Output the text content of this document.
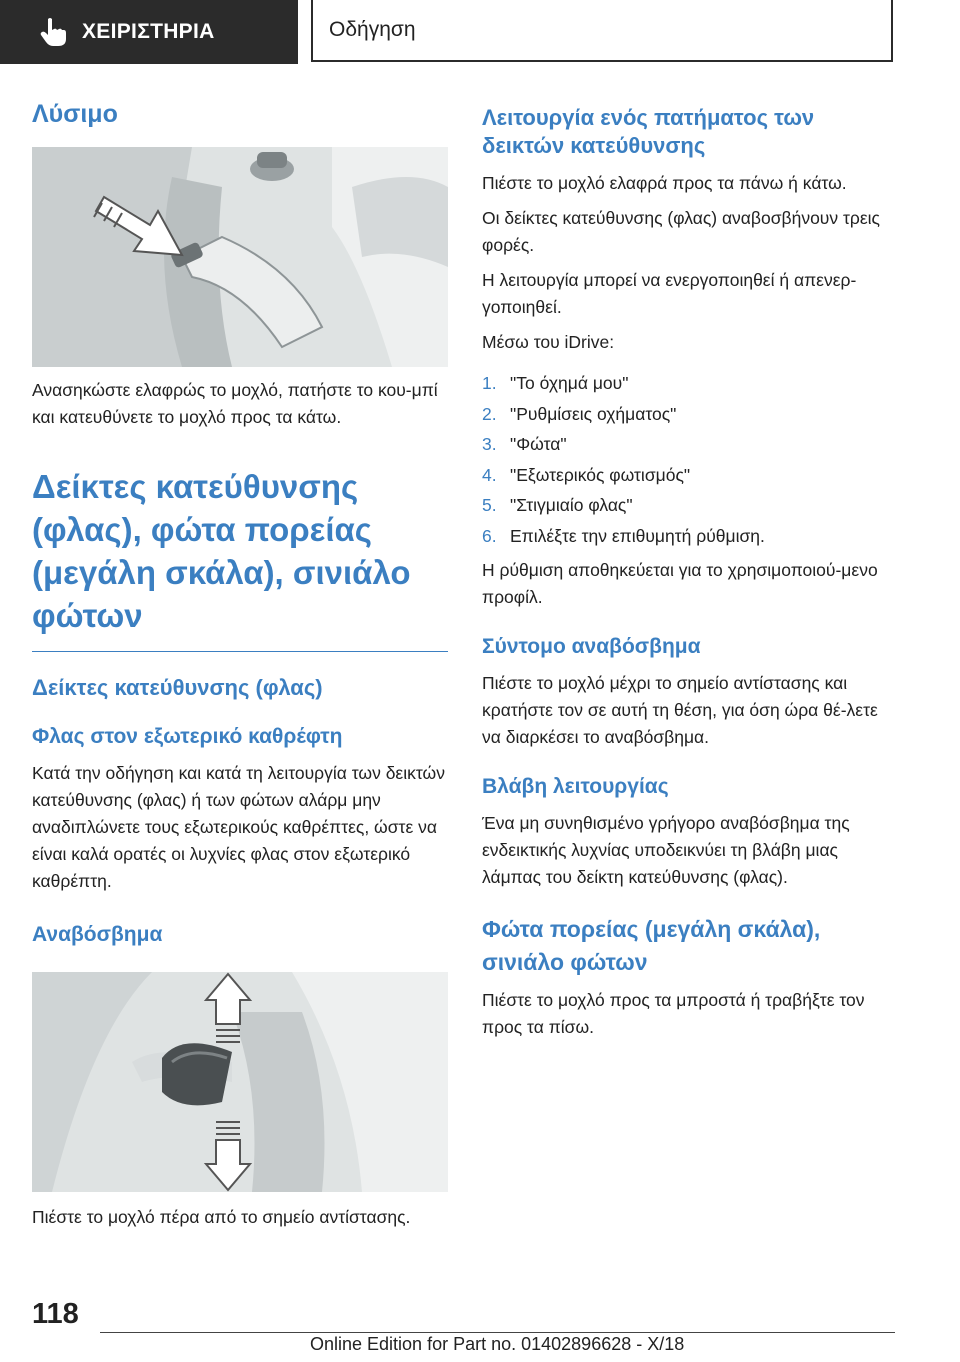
ΧΕΙΡΙΣΤΗΡΙΑ	Οδήγηση
Λύσιμο

Ανασηκώστε ελαφρώς το μοχλό, πατήστε το κου‐μπί και κατευθύνετε το μοχλό προς τα κάτω.

Δείκτες κατεύθυνσης (φλας), φώτα πορείας (μεγάλη σκάλα), σινιάλο φώτων
Δείκτες κατεύθυνσης (φλας)
Φλας στον εξωτερικό καθρέφτη

Κατά την οδήγηση και κατά τη λειτουργία των δεικτών κατεύθυνσης (φλας) ή των φώτων αλάρμ μην αναδιπλώνετε τους εξωτερικούς καθρέπτες, ώστε να είναι καλά ορατές οι λυχνίες φλας στον εξωτερικό καθρέπτη.

Αναβόσβημα

Πιέστε το μοχλό πέρα από το σημείο αντίστασης.

Λειτουργία ενός πατήματος των δεικτών κατεύθυνσης

Πιέστε το μοχλό ελαφρά προς τα πάνω ή κάτω.

Οι δείκτες κατεύθυνσης (φλας) αναβοσβήνουν τρεις φορές.

Η λειτουργία μπορεί να ενεργοποιηθεί ή απενερ‐γοποιηθεί.

Μέσω του iDrive:

1. "Το όχημά μου"
2. "Ρυθμίσεις οχήματος"
3. "Φώτα"
4. "Εξωτερικός φωτισμός"
5. "Στιγμιαίο φλας"
6. Επιλέξτε την επιθυμητή ρύθμιση.

Η ρύθμιση αποθηκεύεται για το χρησιμοποιού‐μενο προφίλ.

Σύντομο αναβόσβημα

Πιέστε το μοχλό μέχρι το σημείο αντίστασης και κρατήστε τον σε αυτή τη θέση, για όση ώρα θέ‐λετε να διαρκέσει το αναβόσβημα.

Βλάβη λειτουργίας

Ένα μη συνηθισμένο γρήγορο αναβόσβημα της ενδεικτικής λυχνίας υποδεικνύει τη βλάβη μιας λάμπας του δείκτη κατεύθυνσης (φλας).

Φώτα πορείας (μεγάλη σκάλα), σινιάλο φώτων

Πιέστε το μοχλό προς τα μπροστά ή τραβήξτε τον προς τα πίσω.

118
Online Edition for Part no. 01402896628 - X/18
